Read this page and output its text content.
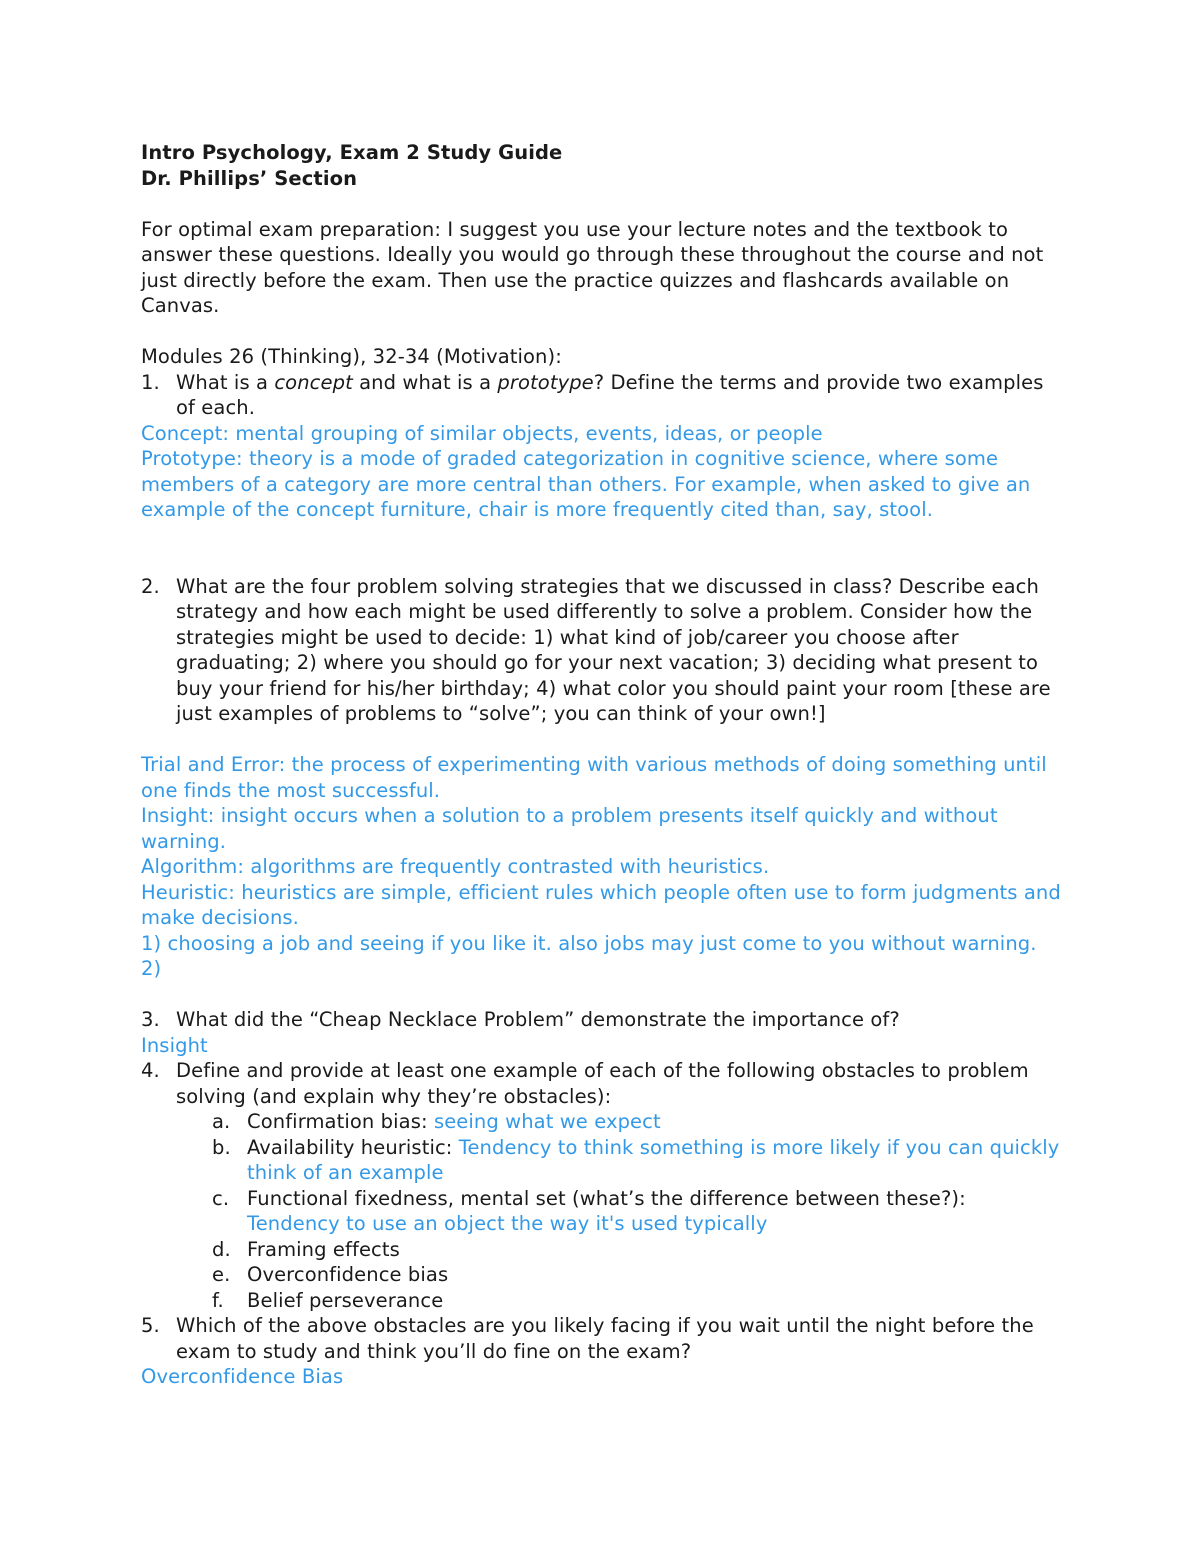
Intro Psychology, Exam 2 Study Guide

Dr. Phillips’ Section

For optimal exam preparation: I suggest you use your lecture notes and the textbook to answer these questions. Ideally you would go through these throughout the course and not just directly before the exam. Then use the practice quizzes and flashcards available on Canvas.

Modules 26 (Thinking), 32-34 (Motivation):

1. What is a concept and what is a prototype? Define the terms and provide two examples of each.

Concept: mental grouping of similar objects, events, ideas, or people

Prototype: theory is a mode of graded categorization in cognitive science, where some members of a category are more central than others. For example, when asked to give an example of the concept furniture, chair is more frequently cited than, say, stool.

2. What are the four problem solving strategies that we discussed in class? Describe each strategy and how each might be used differently to solve a problem. Consider how the strategies might be used to decide: 1) what kind of job/career you choose after graduating; 2) where you should go for your next vacation; 3) deciding what present to buy your friend for his/her birthday; 4) what color you should paint your room [these are just examples of problems to “solve”; you can think of your own!]

Trial and Error: the process of experimenting with various methods of doing something until one finds the most successful.

Insight: insight occurs when a solution to a problem presents itself quickly and without warning.

Algorithm: algorithms are frequently contrasted with heuristics.

Heuristic: heuristics are simple, efficient rules which people often use to form judgments and make decisions.

1) choosing a job and seeing if you like it. also jobs may just come to you without warning.

2)

3. What did the “Cheap Necklace Problem” demonstrate the importance of?

Insight

4. Define and provide at least one example of each of the following obstacles to problem solving (and explain why they’re obstacles):
a. Confirmation bias: seeing what we expect
b. Availability heuristic: Tendency to think something is more likely if you can quickly think of an example
c. Functional fixedness, mental set (what’s the difference between these?): Tendency to use an object the way it's used typically
d. Framing effects
e. Overconfidence bias
f. Belief perseverance
5. Which of the above obstacles are you likely facing if you wait until the night before the exam to study and think you’ll do fine on the exam?

Overconfidence Bias
